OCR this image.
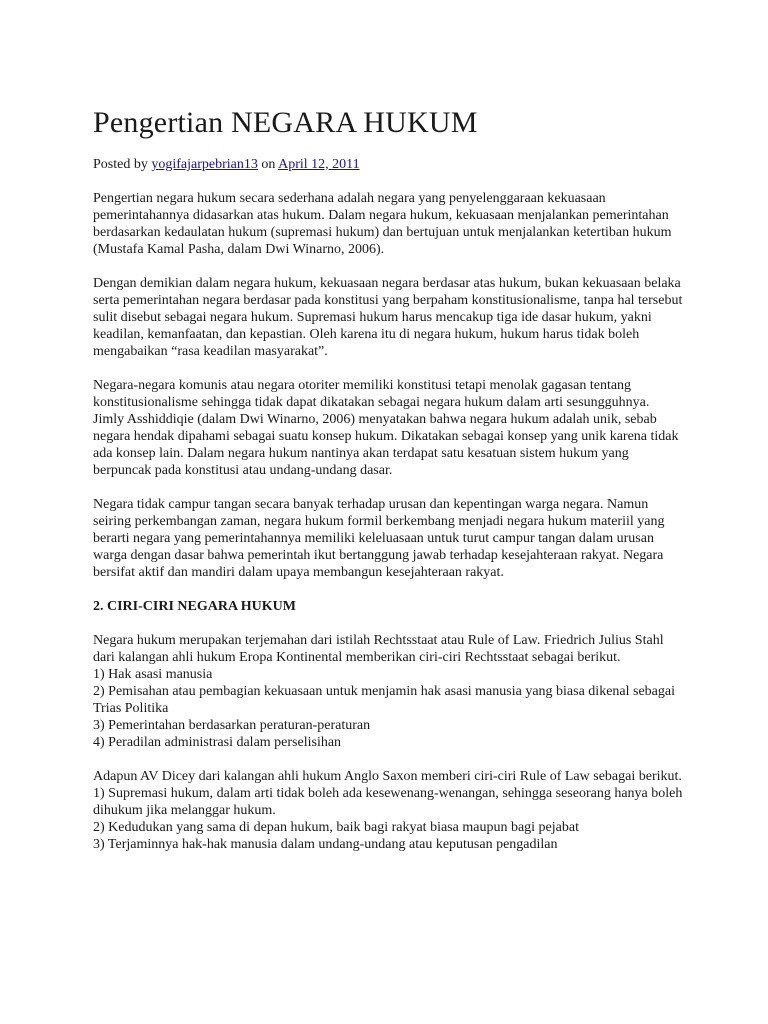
Pengertian NEGARA HUKUM
Posted by yogifajarpebrian13 on April 12, 2011

Pengertian negara hukum secara sederhana adalah negara yang penyelenggaraan kekuasaan pemerintahannya didasarkan atas hukum. Dalam negara hukum, kekuasaan menjalankan pemerintahan berdasarkan kedaulatan hukum (supremasi hukum) dan bertujuan untuk menjalankan ketertiban hukum (Mustafa Kamal Pasha, dalam Dwi Winarno, 2006).

Dengan demikian dalam negara hukum, kekuasaan negara berdasar atas hukum, bukan kekuasaan belaka serta pemerintahan negara berdasar pada konstitusi yang berpaham konstitusionalisme, tanpa hal tersebut sulit disebut sebagai negara hukum. Supremasi hukum harus mencakup tiga ide dasar hukum, yakni keadilan, kemanfaatan, dan kepastian. Oleh karena itu di negara hukum, hukum harus tidak boleh mengabaikan “rasa keadilan masyarakat”.

Negara-negara komunis atau negara otoriter memiliki konstitusi tetapi menolak gagasan tentang konstitusionalisme sehingga tidak dapat dikatakan sebagai negara hukum dalam arti sesungguhnya. Jimly Asshiddiqie (dalam Dwi Winarno, 2006) menyatakan bahwa negara hukum adalah unik, sebab negara hendak dipahami sebagai suatu konsep hukum. Dikatakan sebagai konsep yang unik karena tidak ada konsep lain. Dalam negara hukum nantinya akan terdapat satu kesatuan sistem hukum yang berpuncak pada konstitusi atau undang-undang dasar.

Negara tidak campur tangan secara banyak terhadap urusan dan kepentingan warga negara. Namun seiring perkembangan zaman, negara hukum formil berkembang menjadi negara hukum materiil yang berarti negara yang pemerintahannya memiliki keleluasaan untuk turut campur tangan dalam urusan warga dengan dasar bahwa pemerintah ikut bertanggung jawab terhadap kesejahteraan rakyat. Negara bersifat aktif dan mandiri dalam upaya membangun kesejahteraan rakyat.

2. CIRI-CIRI NEGARA HUKUM

Negara hukum merupakan terjemahan dari istilah Rechtsstaat atau Rule of Law. Friedrich Julius Stahl dari kalangan ahli hukum Eropa Kontinental memberikan ciri-ciri Rechtsstaat sebagai berikut.

1) Hak asasi manusia
2) Pemisahan atau pembagian kekuasaan untuk menjamin hak asasi manusia yang biasa dikenal sebagai Trias Politika
3) Pemerintahan berdasarkan peraturan-peraturan
4) Peradilan administrasi dalam perselisihan

Adapun AV Dicey dari kalangan ahli hukum Anglo Saxon memberi ciri-ciri Rule of Law sebagai berikut.

1) Supremasi hukum, dalam arti tidak boleh ada kesewenang-wenangan, sehingga seseorang hanya boleh dihukum jika melanggar hukum.
2) Kedudukan yang sama di depan hukum, baik bagi rakyat biasa maupun bagi pejabat
3) Terjaminnya hak-hak manusia dalam undang-undang atau keputusan pengadilan
